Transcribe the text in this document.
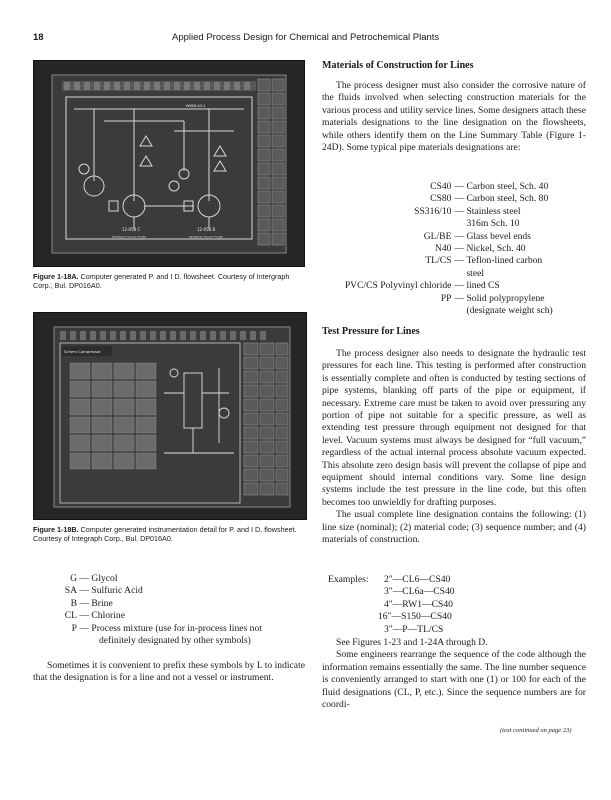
18	Applied Process Design for Chemical and Petrochemical Plants
WWW-43-1
12-058 C	12-058 B
INTERCO FOOCT FUMP	INTERCO FOOCT FUMP
Figure 1-18A. Computer generated P. and I D. flowsheet. Courtesy of Intergraph Corp., Bul. DP016A0.
Schem Compressor
Figure 1-18B. Computer generated instrumentation detail for P. and I D. flowsheet. Courtesy of Integraph Corp., Bul. DP016A0.
G — Glycol
SA — Sulfuric Acid
B — Brine
CL — Chlorine
P — Process mixture (use for in-process lines not
definitely designated by other symbols)

Sometimes it is convenient to prefix these symbols by L to indicate that the designation is for a line and not a vessel or instrument.

Materials of Construction for Lines

The process designer must also consider the corrosive nature of the fluids involved when selecting construction materials for the various process and utility service lines. Some designers attach these materials designations to the line designation on the flowsheets, while others identify them on the Line Summary Table (Figure 1-24D). Some typical pipe materials designations are:

CS40 — Carbon steel, Sch. 40
CS80 — Carbon steel, Sch. 80
SS316/10 — Stainless steel
316m Sch. 10
GL/BE — Glass bevel ends
N40 — Nickel, Sch. 40
TL/CS — Teflon-lined carbon
steel
PVC/CS Polyvinyl chloride — lined CS
PP — Solid polypropylene
(designate weight sch)
Test Pressure for Lines

The process designer also needs to designate the hydraulic test pressures for each line. This testing is performed after construction is essentially complete and often is conducted by testing sections of pipe systems, blanking off parts of the pipe or equipment, if necessary. Extreme care must be taken to avoid over pressuring any portion of pipe not suitable for a specific pressure, as well as extending test pressure through equipment not designed for that level. Vacuum systems must always be designed for “full vacuum,” regardless of the actual internal process absolute vacuum expected. This absolute zero design basis will prevent the collapse of pipe and equipment should internal conditions vary. Some line design systems include the test pressure in the line code, but this often becomes too unwieldly for drafting purposes.

The usual complete line designation contains the following: (1) line size (nominal); (2) material code; (3) sequence number; and (4) materials of construction.

Examples:	2"—CL6—CS40
3"—CL6a—CS40
4"—RW1—CS40
16"—S150—CS40
3"—P—TL/CS

See Figures 1-23 and 1-24A through D.

Some engineers rearrange the sequence of the code although the information remains essentially the same. The line number sequence is conveniently arranged to start with one (1) or 100 for each of the fluid designations (CL, P, etc.). Since the sequence numbers are for coordi-

(text continued on page 23)
